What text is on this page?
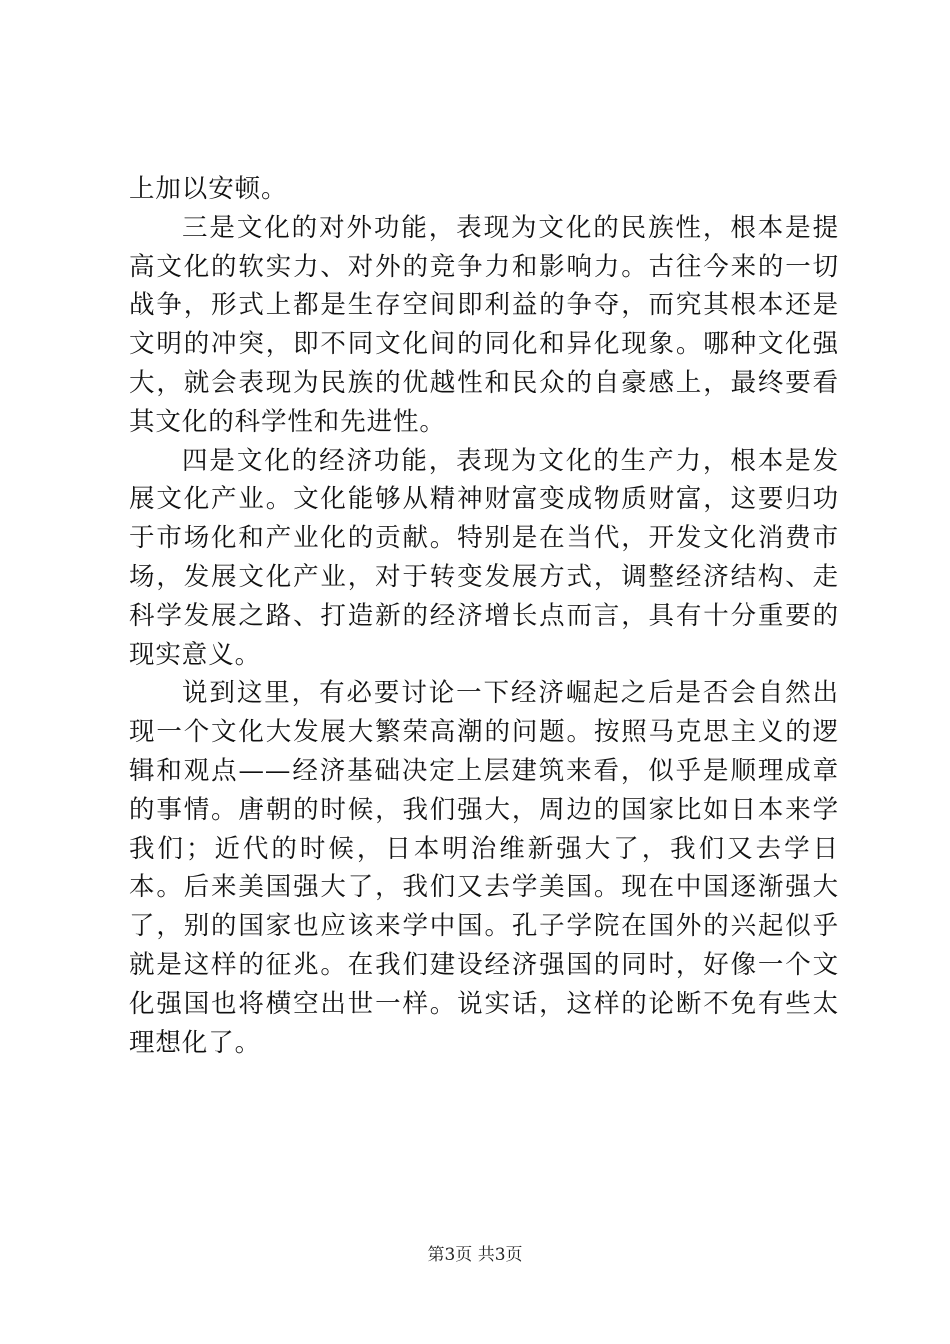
上加以安顿。

三是文化的对外功能，表现为文化的民族性，根本是提高文化的软实力、对外的竞争力和影响力。古往今来的一切战争，形式上都是生存空间即利益的争夺，而究其根本还是文明的冲突，即不同文化间的同化和异化现象。哪种文化强大，就会表现为民族的优越性和民众的自豪感上，最终要看其文化的科学性和先进性。

四是文化的经济功能，表现为文化的生产力，根本是发展文化产业。文化能够从精神财富变成物质财富，这要归功于市场化和产业化的贡献。特别是在当代，开发文化消费市场，发展文化产业，对于转变发展方式，调整经济结构、走科学发展之路、打造新的经济增长点而言，具有十分重要的现实意义。

说到这里，有必要讨论一下经济崛起之后是否会自然出现一个文化大发展大繁荣高潮的问题。按照马克思主义的逻辑和观点——经济基础决定上层建筑来看，似乎是顺理成章的事情。唐朝的时候，我们强大，周边的国家比如日本来学我们；近代的时候，日本明治维新强大了，我们又去学日本。后来美国强大了，我们又去学美国。现在中国逐渐强大了，别的国家也应该来学中国。孔子学院在国外的兴起似乎就是这样的征兆。在我们建设经济强国的同时，好像一个文化强国也将横空出世一样。说实话，这样的论断不免有些太理想化了。

第3页 共3页
